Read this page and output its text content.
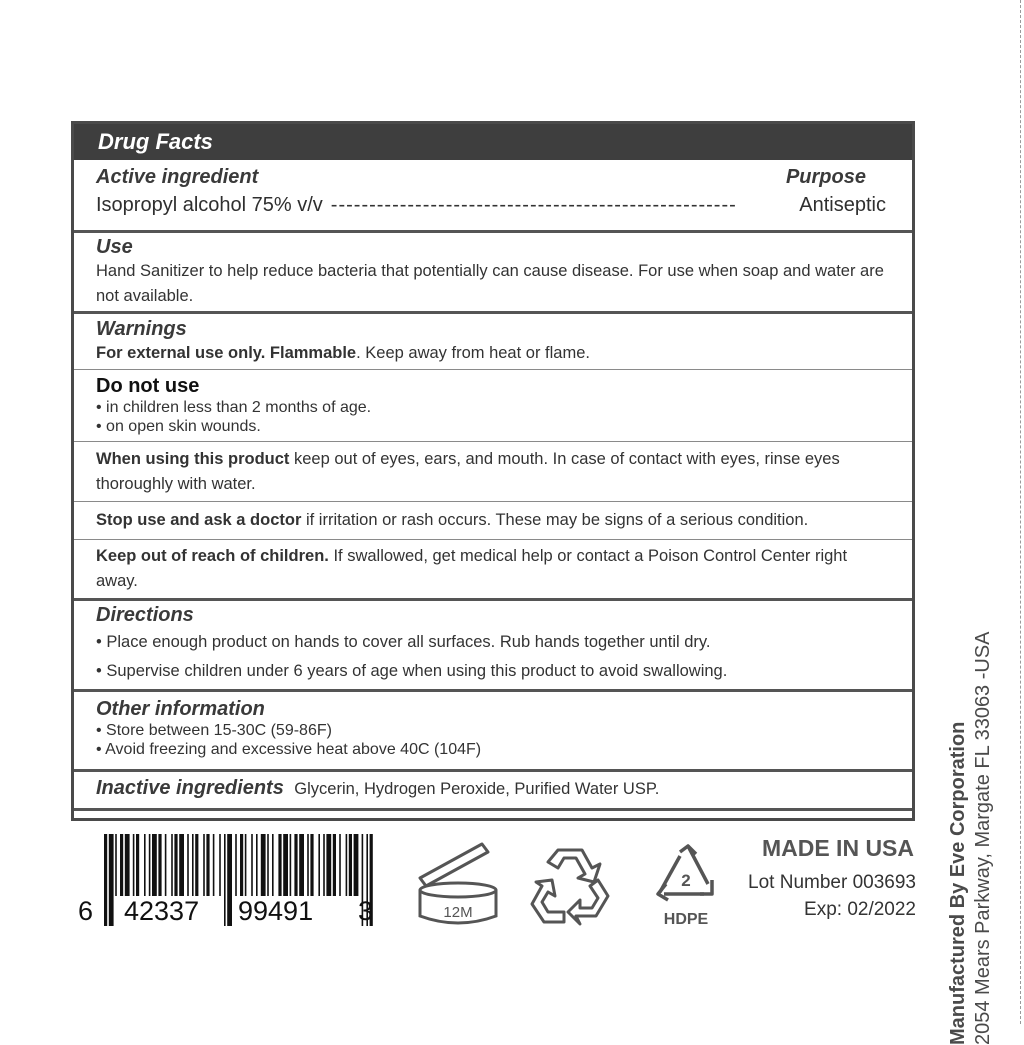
Drug Facts
Active ingredient	Purpose
Isopropyl alcohol 75% v/v -----------------------------------------------------	Antiseptic
Use
Hand Sanitizer to help reduce bacteria that potentially can cause disease. For use when soap and water are not available.
Warnings
For external use only. Flammable. Keep away from heat or flame.
Do not use
• in children less than 2 months of age.
• on open skin wounds.
When using this product keep out of eyes, ears, and mouth. In case of contact with eyes, rinse eyes thoroughly with water.
Stop use and ask a doctor if irritation or rash occurs. These may be signs of a serious condition.
Keep out of reach of children. If swallowed, get medical help or contact a Poison Control Center right away.
Directions
• Place enough product on hands to cover all surfaces. Rub hands together until dry.
• Supervise children under 6 years of age when using this product to avoid swallowing.
Other information
• Store between 15-30C (59-86F)
• Avoid freezing and excessive heat above 40C (104F)
Inactive ingredients Glycerin, Hydrogen Peroxide, Purified Water USP.	Manufactured By Eve Corporation 2054 Mears Parkway, Margate FL 33063 -USA
6 42337 99491 3	12M
2
HDPE
MADE IN USA
Lot Number 003693
Exp: 02/2022
